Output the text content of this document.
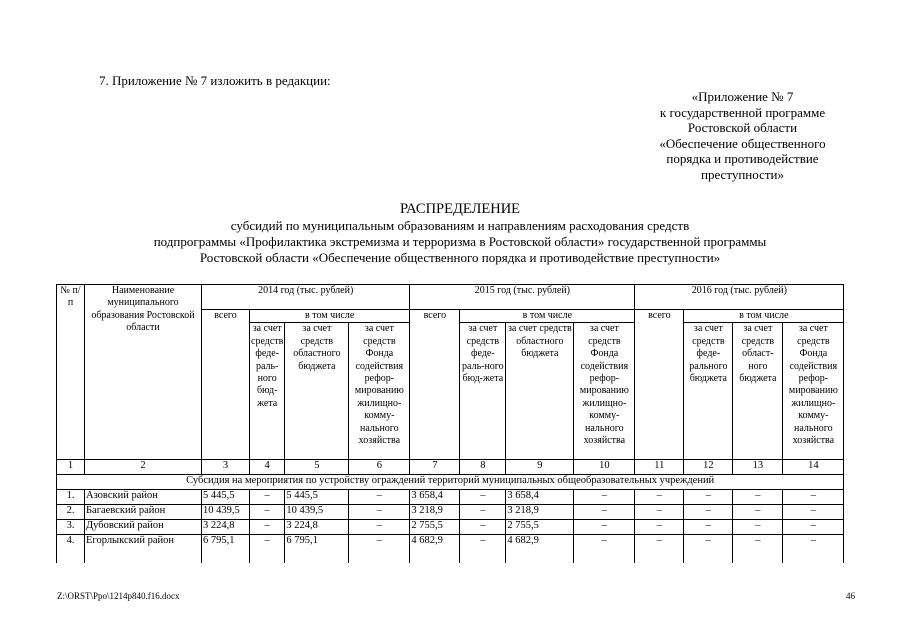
7. Приложение № 7 изложить в редакции:
«Приложение № 7
к государственной программе
Ростовской области
«Обеспечение общественного
порядка и противодействие
преступности»
РАСПРЕДЕЛЕНИЕ
субсидий по муниципальным образованиям и направлениям расходования средств
подпрограммы «Профилактика экстремизма и терроризма в Ростовской области» государственной программы
Ростовской области «Обеспечение общественного порядка и противодействие преступности»
№ п/п	Наименование муниципального образования Ростовской области	2014 год (тыс. рублей)				2015 год (тыс. рублей)				2016 год (тыс. рублей)			
		всего	в том числе			всего	в том числе			всего	в том числе		
			за счет средств феде-раль-ного бюд-жета	за счет средств областного бюджета	за счет средств Фонда содействия рефор-мированию жилищно-комму-нального хозяйства		за счет средств феде-раль-ного бюд-жета	за счет средств областного бюджета	за счет средств Фонда содействия рефор-мированию жилищно-комму-нального хозяйства		за счет средств феде-рального бюджета	за счет средств област-ного бюджета	за счет средств Фонда содействия рефор-мированию жилищно-комму-нального хозяйства
1	2	3	4	5	6	7	8	9	10	11	12	13	14
Субсидия на мероприятия по устройству ограждений территорий муниципальных общеобразовательных учреждений													
1.	Азовский район	5 445,5	–	5 445,5	–	3 658,4	–	3 658,4	–	–	–	–	–
2.	Багаевский район	10 439,5	–	10 439,5	–	3 218,9	–	3 218,9	–	–	–	–	–
3.	Дубовский район	3 224,8	–	3 224,8	–	2 755,5	–	2 755,5	–	–	–	–	–
4.	Егорлыкский район	6 795,1	–	6 795,1	–	4 682,9	–	4 682,9	–	–	–	–	–
Z:\ORST\Ppo\1214p840.f16.docx	46
